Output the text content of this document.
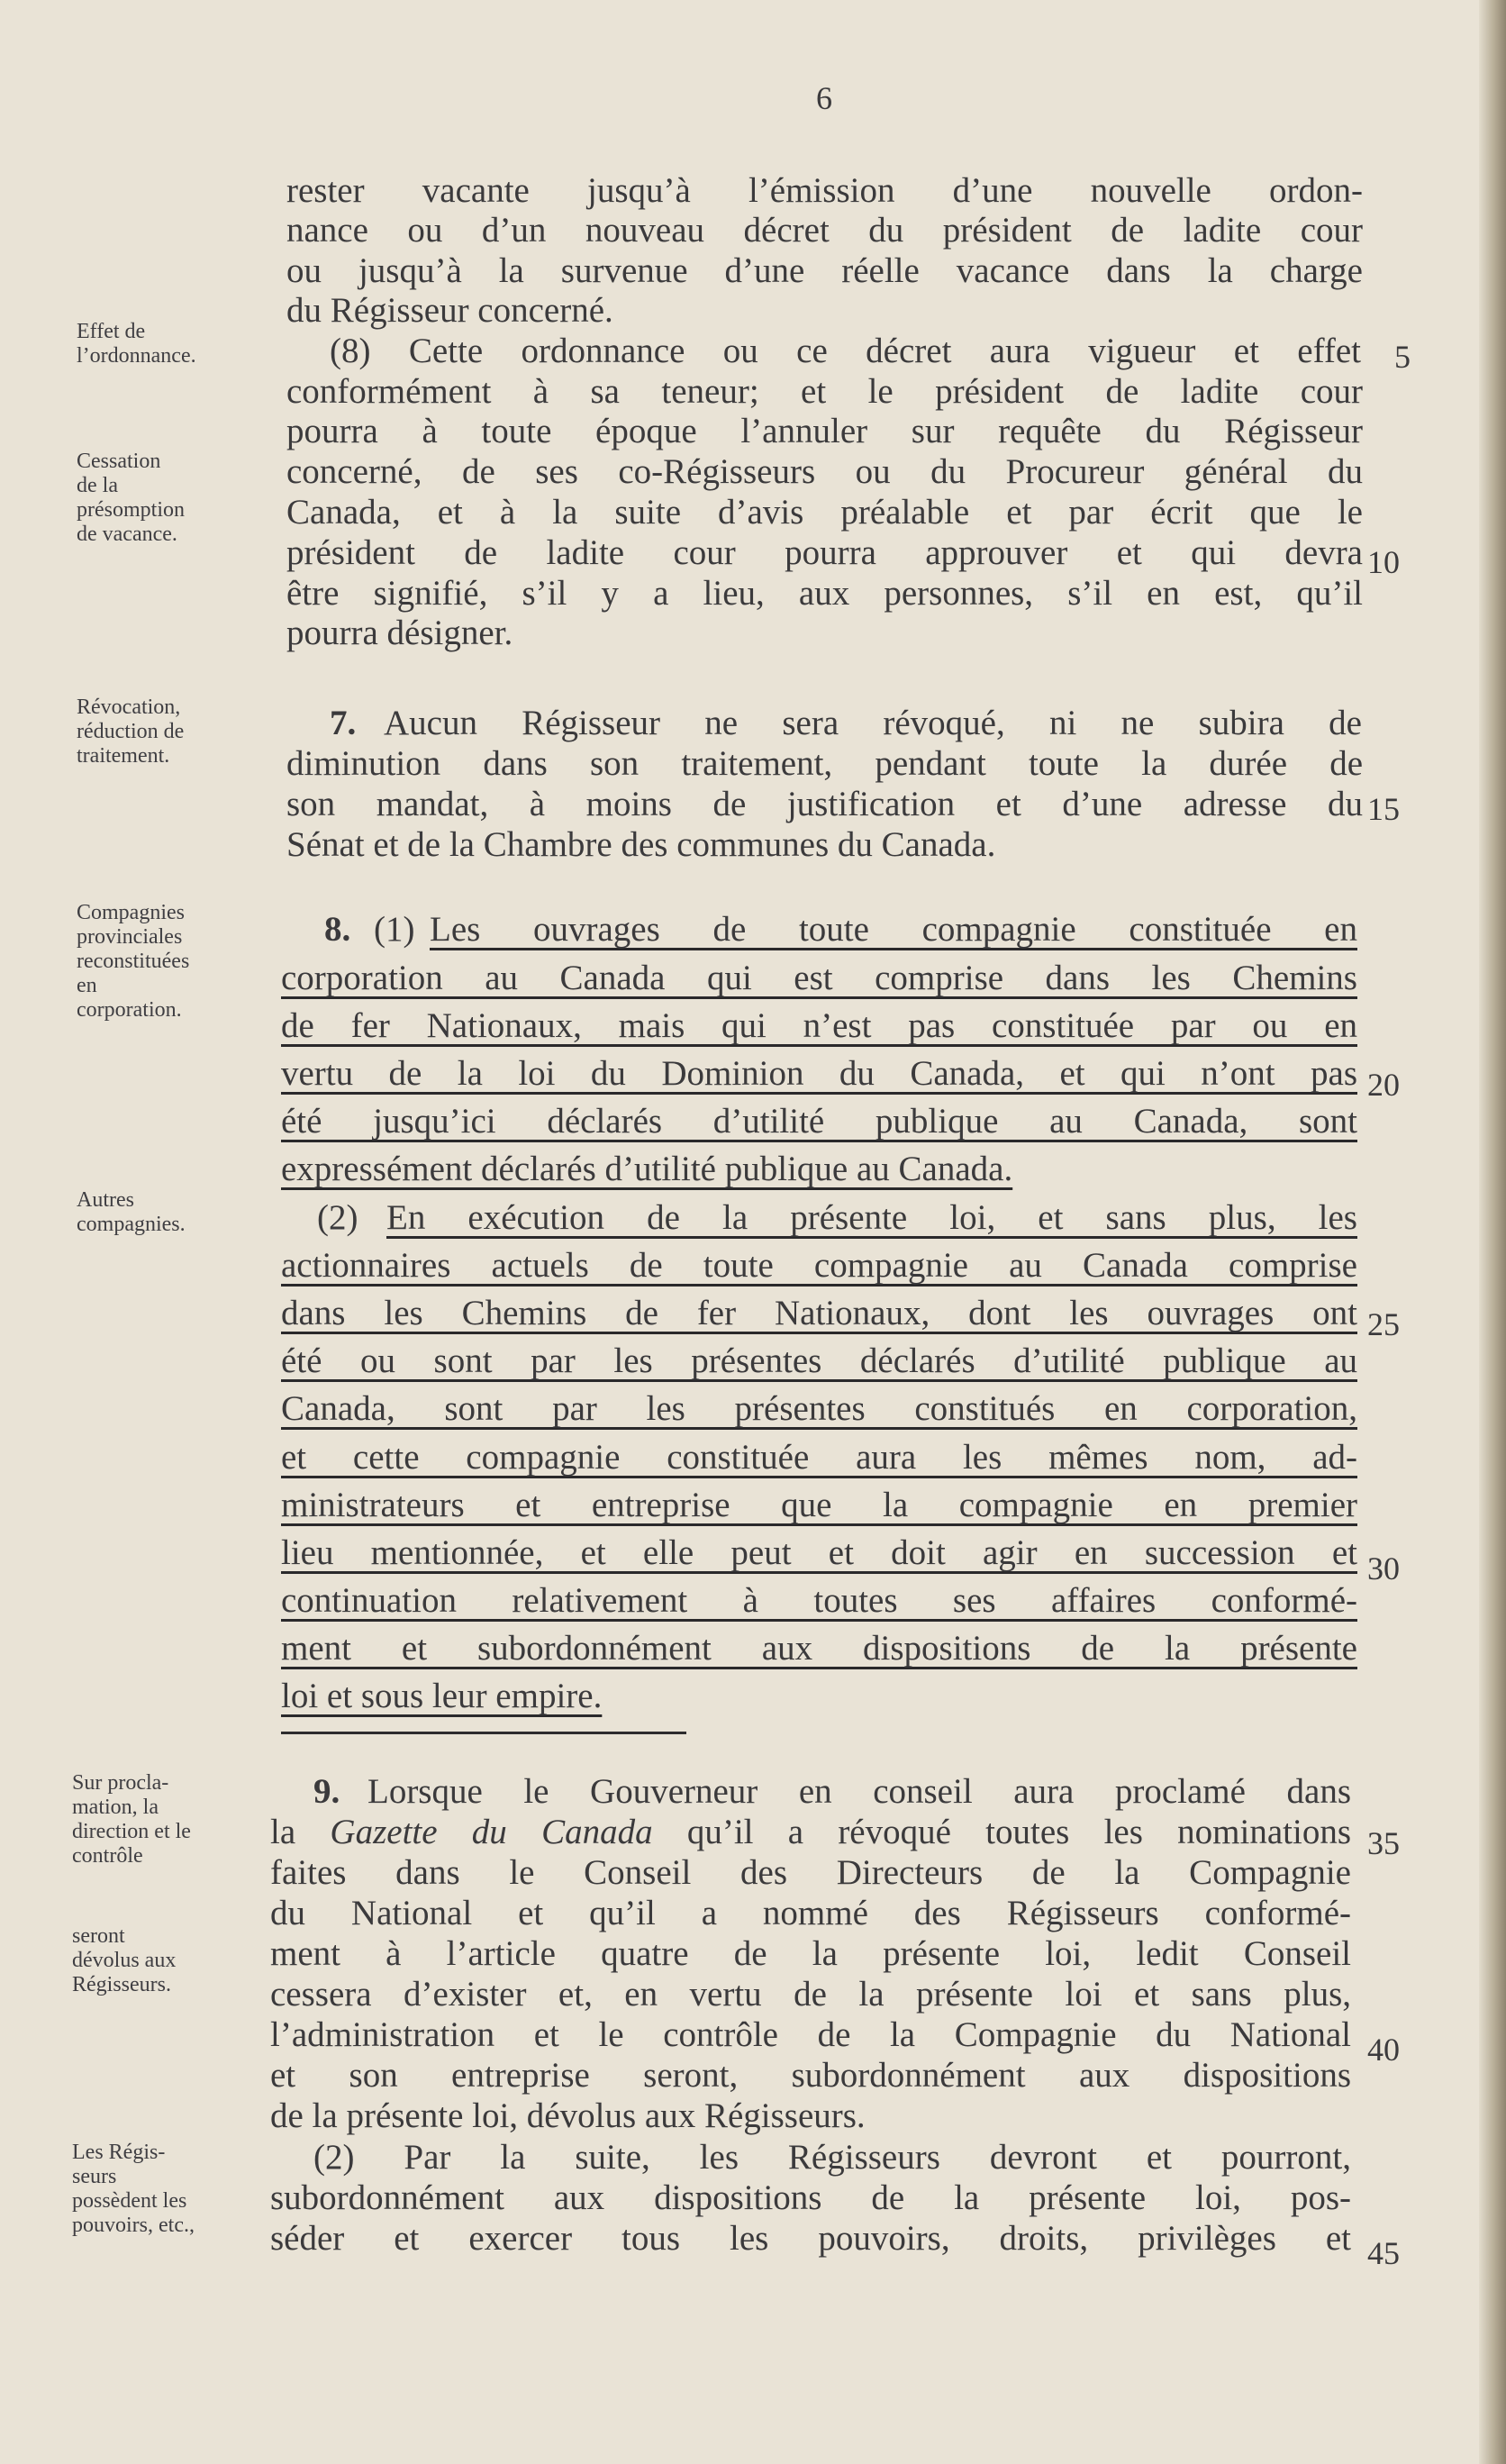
6
Effet de
l’ordonnance.
Cessation
de la
présomption
de vacance.
Révocation,
réduction de
traitement.
Compagnies
provinciales
reconstituées
en
corporation.
Autres
compagnies.
Sur procla-
mation, la
direction et le
contrôle
seront
dévolus aux
Régisseurs.
Les Régis-
seurs
possèdent les
pouvoirs, etc.,
5
10
15
20
25
30
35
40
45
rester vacante jusqu’à l’émission d’une nouvelle ordon-
nance ou d’un nouveau décret du président de ladite cour
ou jusqu’à la survenue d’une réelle vacance dans la charge
du Régisseur concerné.
(8) Cette ordonnance ou ce décret aura vigueur et effet
conformément à sa teneur; et le président de ladite cour
pourra à toute époque l’annuler sur requête du Régisseur
concerné, de ses co-Régisseurs ou du Procureur général du
Canada, et à la suite d’avis préalable et par écrit que le
président de ladite cour pourra approuver et qui devra
être signifié, s’il y a lieu, aux personnes, s’il en est, qu’il
pourra désigner.
7. Aucun Régisseur ne sera révoqué, ni ne subira de
diminution dans son traitement, pendant toute la durée de
son mandat, à moins de justification et d’une adresse du
Sénat et de la Chambre des communes du Canada.
8. (1) Les ouvrages de toute compagnie constituée en
corporation au Canada qui est comprise dans les Chemins
de fer Nationaux, mais qui n’est pas constituée par ou en
vertu de la loi du Dominion du Canada, et qui n’ont pas
été jusqu’ici déclarés d’utilité publique au Canada, sont
expressément déclarés d’utilité publique au Canada.
(2) En exécution de la présente loi, et sans plus, les
actionnaires actuels de toute compagnie au Canada comprise
dans les Chemins de fer Nationaux, dont les ouvrages ont
été ou sont par les présentes déclarés d’utilité publique au
Canada, sont par les présentes constitués en corporation,
et cette compagnie constituée aura les mêmes nom, ad-
ministrateurs et entreprise que la compagnie en premier
lieu mentionnée, et elle peut et doit agir en succession et
continuation relativement à toutes ses affaires conformé-
ment et subordonnément aux dispositions de la présente
loi et sous leur empire.
9. Lorsque le Gouverneur en conseil aura proclamé dans
la Gazette du Canada qu’il a révoqué toutes les nominations
faites dans le Conseil des Directeurs de la Compagnie
du National et qu’il a nommé des Régisseurs conformé-
ment à l’article quatre de la présente loi, ledit Conseil
cessera d’exister et, en vertu de la présente loi et sans plus,
l’administration et le contrôle de la Compagnie du National
et son entreprise seront, subordonnément aux dispositions
de la présente loi, dévolus aux Régisseurs.
(2) Par la suite, les Régisseurs devront et pourront,
subordonnément aux dispositions de la présente loi, pos-
séder et exercer tous les pouvoirs, droits, privilèges et
